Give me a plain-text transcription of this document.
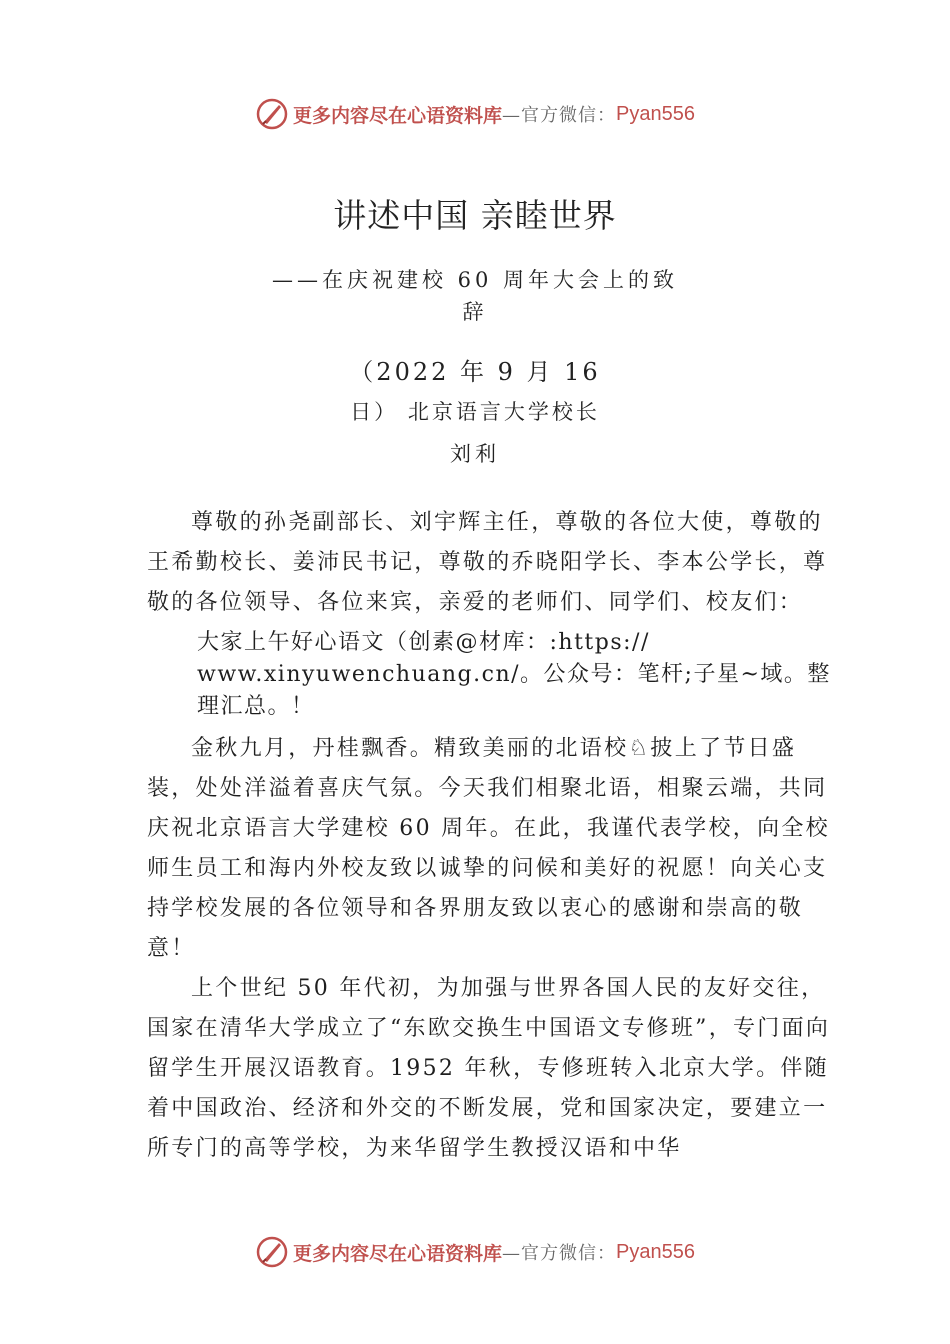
更多内容尽在心语资料库 —官方微信： Pyan556
讲述中国 亲睦世界
——在庆祝建校 60 周年大会上的致
辞
（2022 年 9 月 16
日） 北京语言大学校长
刘利

尊敬的孙尧副部长、刘宇辉主任，尊敬的各位大使，尊敬的王希勤校长、姜沛民书记，尊敬的乔晓阳学长、李本公学长，尊敬的各位领导、各位来宾，亲爱的老师们、同学们、校友们：

大家上午好心语文（创素@材库：:https:// www.xinyuwenchuang.cn/。公众号：笔杆;子星~域。整理汇总。！

金秋九月，丹桂飘香。精致美丽的北语校♘披上了节日盛装，处处洋溢着喜庆气氛。今天我们相聚北语，相聚云端，共同庆祝北京语言大学建校 60 周年。在此，我谨代表学校，向全校师生员工和海内外校友致以诚挚的问候和美好的祝愿！向关心支持学校发展的各位领导和各界朋友致以衷心的感谢和崇高的敬意！

上个世纪 50 年代初，为加强与世界各国人民的友好交往，国家在清华大学成立了“东欧交换生中国语文专修班”，专门面向留学生开展汉语教育。1952 年秋，专修班转入北京大学。伴随着中国政治、经济和外交的不断发展，党和国家决定，要建立一所专门的高等学校，为来华留学生教授汉语和中华

更多内容尽在心语资料库 —官方微信： Pyan556
